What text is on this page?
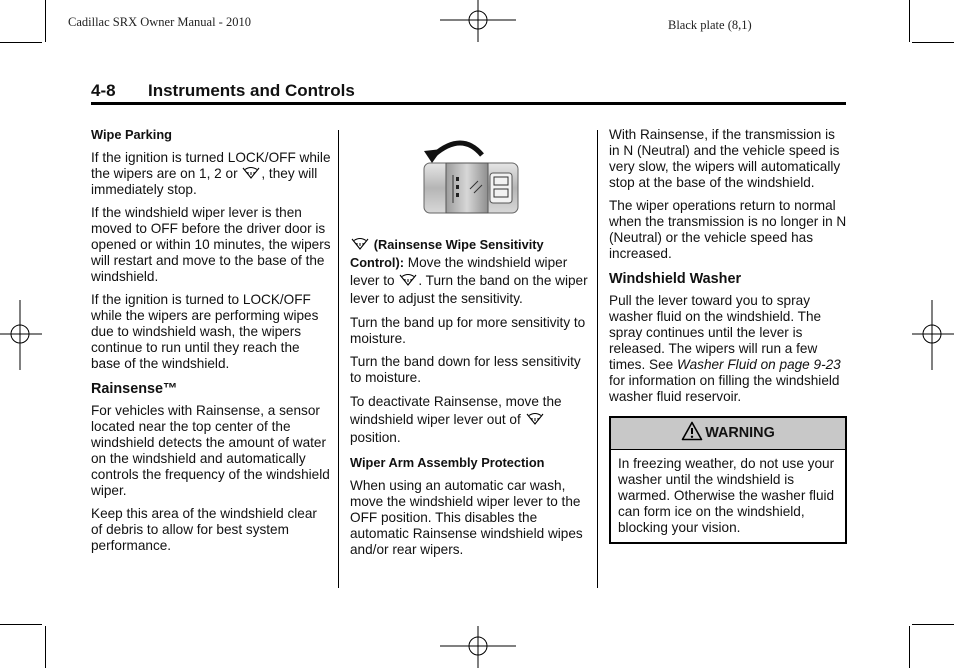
Cadillac SRX Owner Manual - 2010	Black plate (8,1)
4-8 Instruments and Controls
Wipe Parking

If the ignition is turned LOCK/OFF while the wipers are on 1, 2 or , they will immediately stop.

If the windshield wiper lever is then moved to OFF before the driver door is opened or within 10 minutes, the wipers will restart and move to the base of the windshield.

If the ignition is turned to LOCK/OFF while the wipers are performing wipes due to windshield wash, the wipers continue to run until they reach the base of the windshield.

Rainsense™

For vehicles with Rainsense, a sensor located near the top center of the windshield detects the amount of water on the windshield and automatically controls the frequency of the windshield wiper.

Keep this area of the windshield clear of debris to allow for best system performance.

(Rainsense Wipe Sensitivity Control): Move the windshield wiper lever to . Turn the band on the wiper lever to adjust the sensitivity.

Turn the band up for more sensitivity to moisture.

Turn the band down for less sensitivity to moisture.

To deactivate Rainsense, move the windshield wiper lever out of  position.

Wiper Arm Assembly Protection

When using an automatic car wash, move the windshield wiper lever to the OFF position. This disables the automatic Rainsense windshield wipes and/or rear wipers.

With Rainsense, if the transmission is in N (Neutral) and the vehicle speed is very slow, the wipers will automatically stop at the base of the windshield.

The wiper operations return to normal when the transmission is no longer in N (Neutral) or the vehicle speed has increased.

Windshield Washer

Pull the lever toward you to spray washer fluid on the windshield. The spray continues until the lever is released. The wipers will run a few times. See Washer Fluid on page 9‑23 for information on filling the windshield washer fluid reservoir.

WARNING

In freezing weather, do not use your washer until the windshield is warmed. Otherwise the washer fluid can form ice on the windshield, blocking your vision.
